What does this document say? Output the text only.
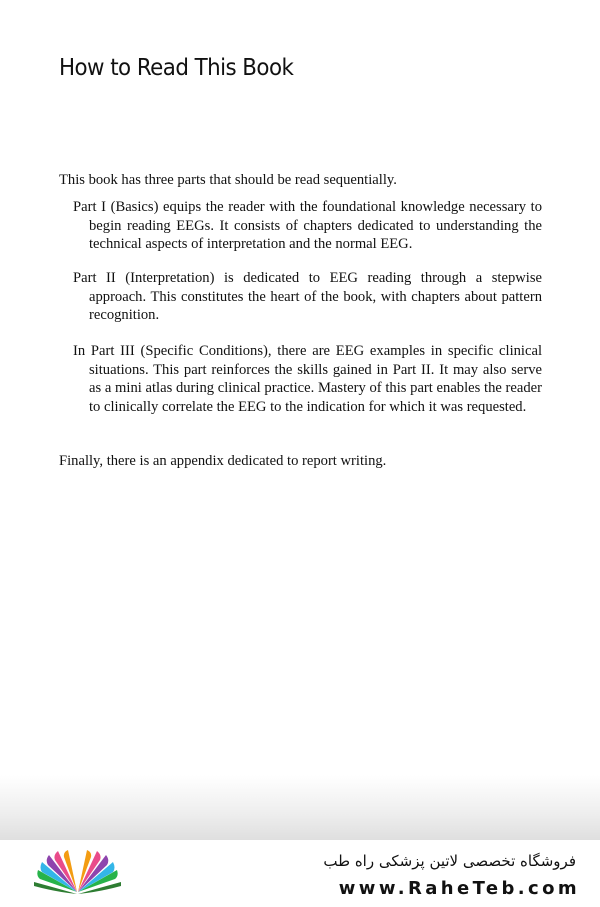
How to Read This Book

This book has three parts that should be read sequentially.

Part I (Basics) equips the reader with the foundational knowledge necessary to begin reading EEGs. It consists of chapters dedicated to understanding the technical aspects of interpretation and the normal EEG.

Part II (Interpretation) is dedicated to EEG reading through a stepwise approach. This constitutes the heart of the book, with chapters about pattern recognition.

In Part III (Specific Conditions), there are EEG examples in specific clinical situations. This part reinforces the skills gained in Part II. It may also serve as a mini atlas during clinical practice. Mastery of this part enables the reader to clinically correlate the EEG to the indication for which it was requested.

Finally, there is an appendix dedicated to report writing.

فروشگاه تخصصی لاتین پزشکی راه طب
www.RaheTeb.com
